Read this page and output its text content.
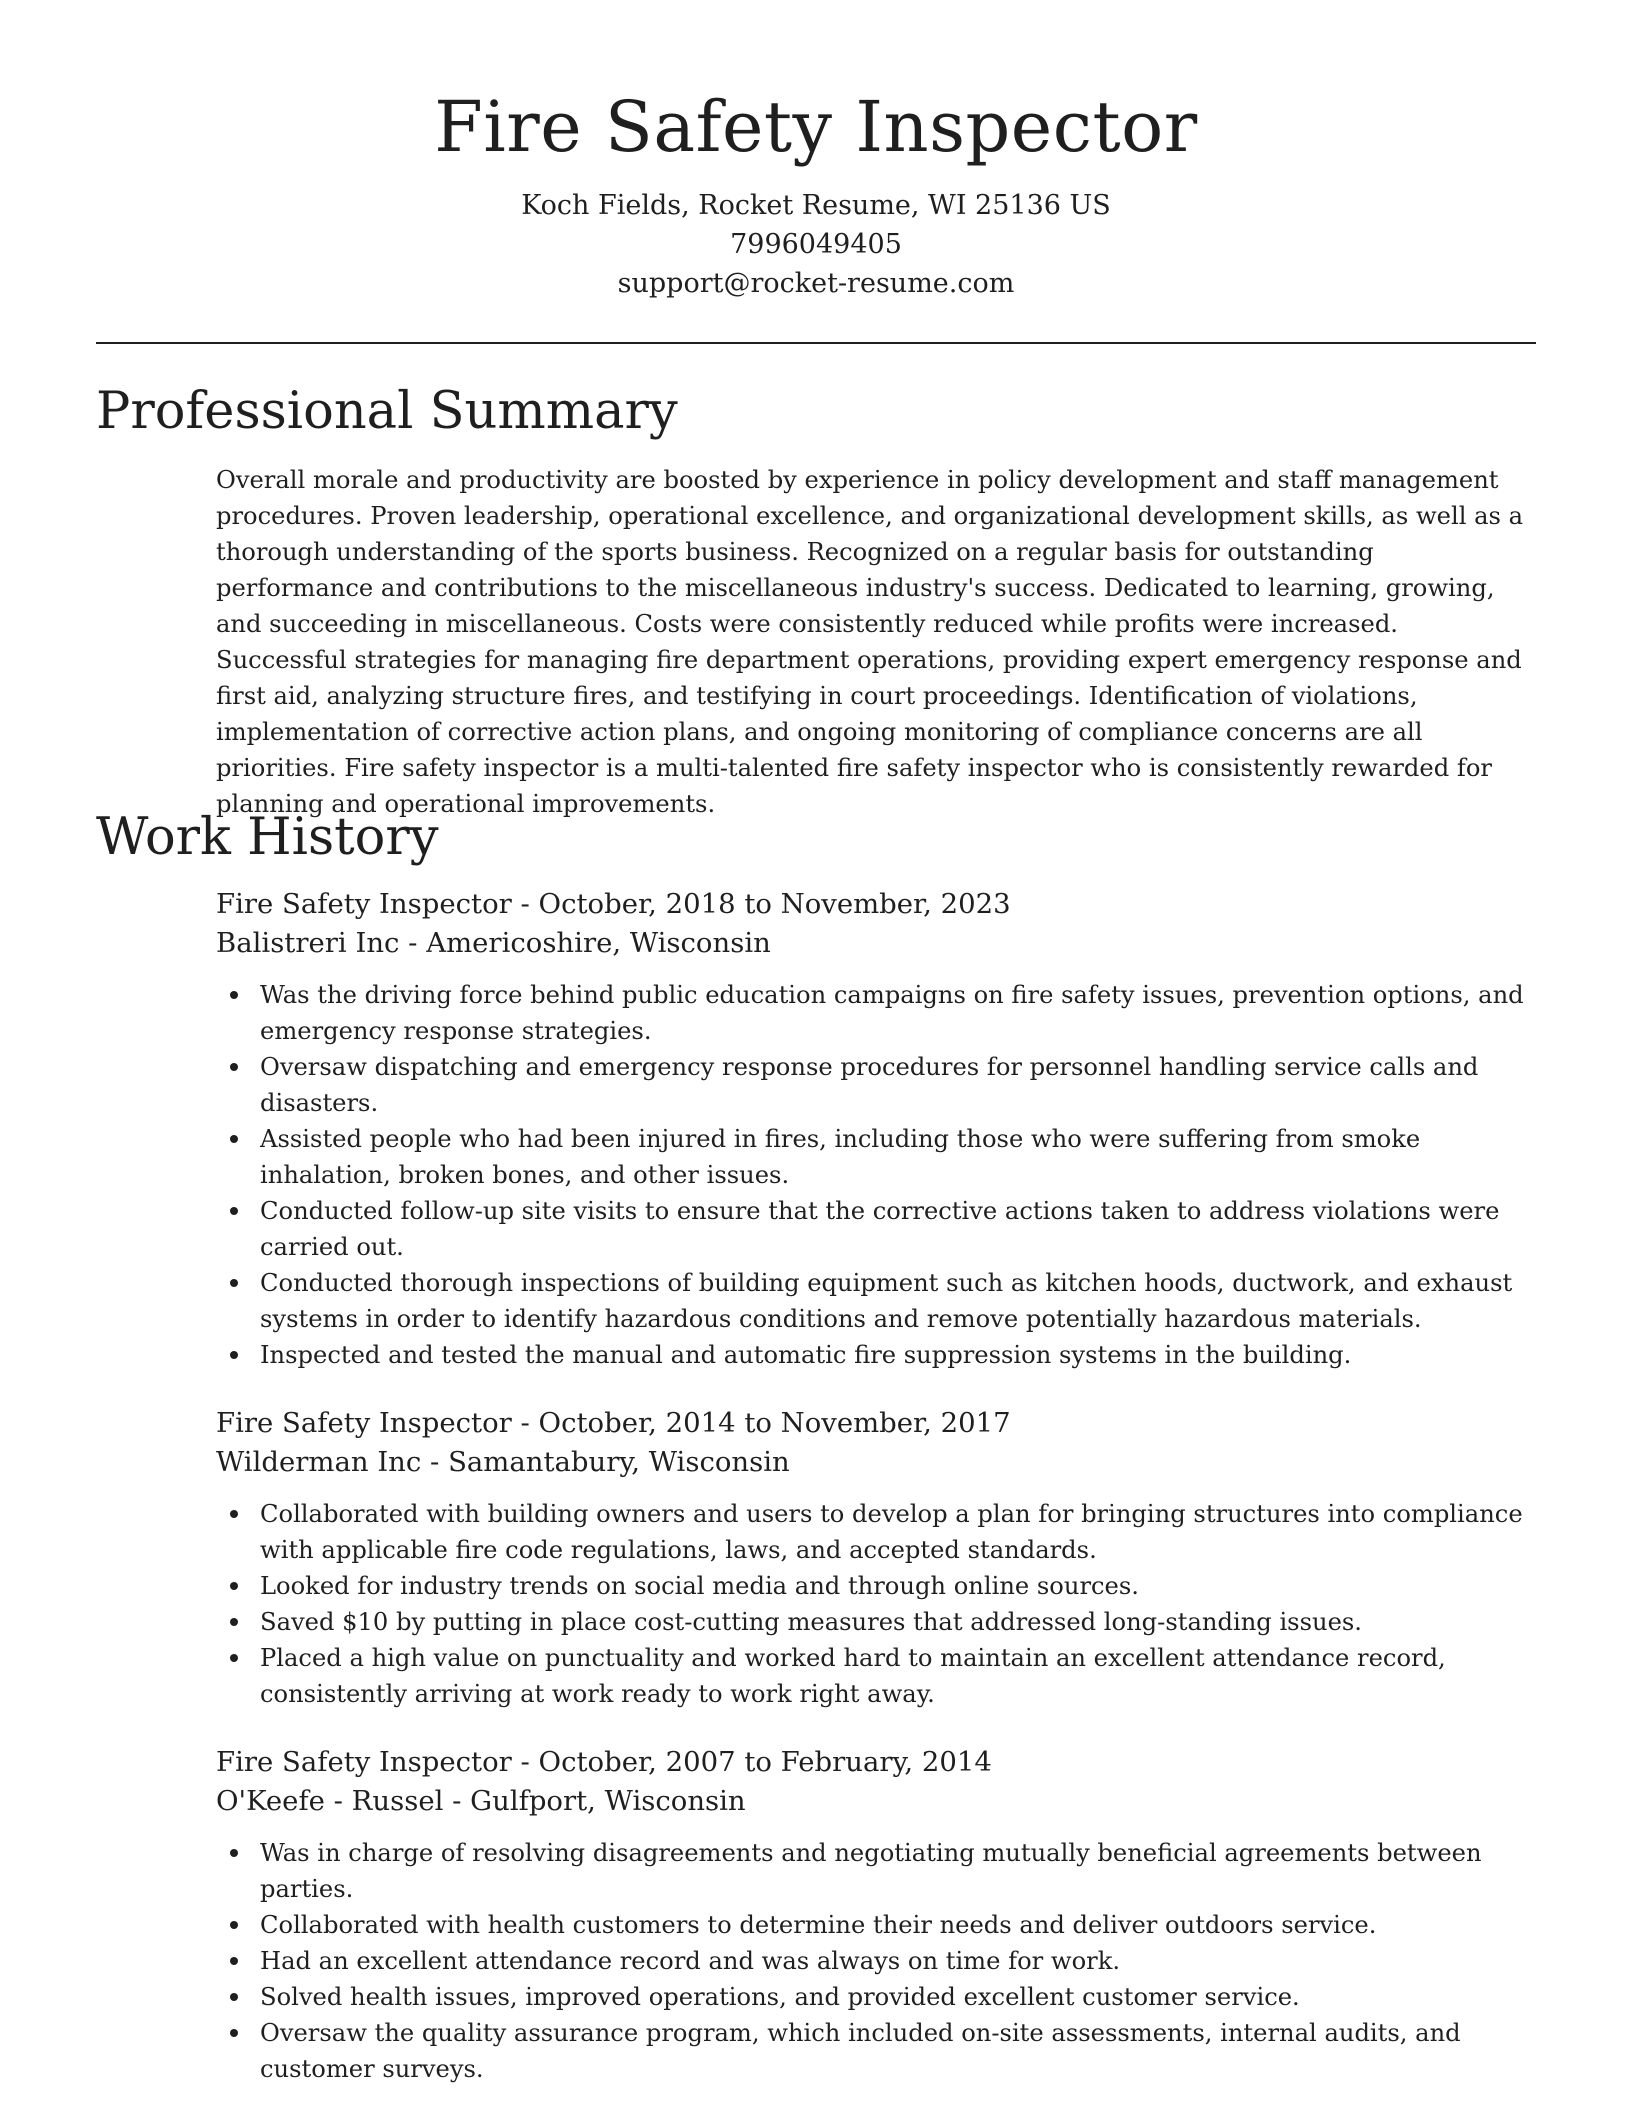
Fire Safety Inspector
Koch Fields, Rocket Resume, WI 25136 US
7996049405
support@rocket-resume.com
Professional Summary

Overall morale and productivity are boosted by experience in policy development and staff management procedures. Proven leadership, operational excellence, and organizational development skills, as well as a thorough understanding of the sports business. Recognized on a regular basis for outstanding performance and contributions to the miscellaneous industry's success. Dedicated to learning, growing, and succeeding in miscellaneous. Costs were consistently reduced while profits were increased. Successful strategies for managing fire department operations, providing expert emergency response and first aid, analyzing structure fires, and testifying in court proceedings. Identification of violations, implementation of corrective action plans, and ongoing monitoring of compliance concerns are all priorities. Fire safety inspector is a multi-talented fire safety inspector who is consistently rewarded for planning and operational improvements.

Work History
Fire Safety Inspector - October, 2018 to November, 2023
Balistreri Inc - Americoshire, Wisconsin
Was the driving force behind public education campaigns on fire safety issues, prevention options, and emergency response strategies.
Oversaw dispatching and emergency response procedures for personnel handling service calls and disasters.
Assisted people who had been injured in fires, including those who were suffering from smoke inhalation, broken bones, and other issues.
Conducted follow-up site visits to ensure that the corrective actions taken to address violations were carried out.
Conducted thorough inspections of building equipment such as kitchen hoods, ductwork, and exhaust systems in order to identify hazardous conditions and remove potentially hazardous materials.
Inspected and tested the manual and automatic fire suppression systems in the building.
Fire Safety Inspector - October, 2014 to November, 2017
Wilderman Inc - Samantabury, Wisconsin
Collaborated with building owners and users to develop a plan for bringing structures into compliance with applicable fire code regulations, laws, and accepted standards.
Looked for industry trends on social media and through online sources.
Saved $10 by putting in place cost-cutting measures that addressed long-standing issues.
Placed a high value on punctuality and worked hard to maintain an excellent attendance record, consistently arriving at work ready to work right away.
Fire Safety Inspector - October, 2007 to February, 2014
O'Keefe - Russel - Gulfport, Wisconsin
Was in charge of resolving disagreements and negotiating mutually beneficial agreements between parties.
Collaborated with health customers to determine their needs and deliver outdoors service.
Had an excellent attendance record and was always on time for work.
Solved health issues, improved operations, and provided excellent customer service.
Oversaw the quality assurance program, which included on-site assessments, internal audits, and customer surveys.
